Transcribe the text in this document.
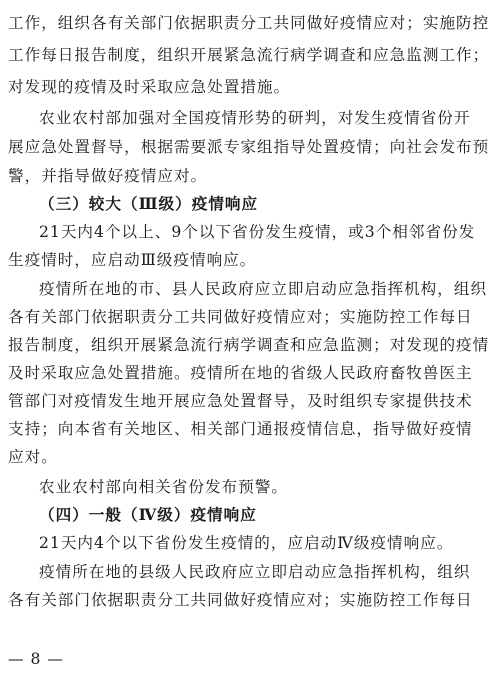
工作，组织各有关部门依据职责分工共同做好疫情应对；实施防控
工作每日报告制度，组织开展紧急流行病学调查和应急监测工作；
对发现的疫情及时采取应急处置措施。
农业农村部加强对全国疫情形势的研判，对发生疫情省份开
展应急处置督导，根据需要派专家组指导处置疫情；向社会发布预
警，并指导做好疫情应对。
（三）较大（Ⅲ级）疫情响应
21天内4个以上、9个以下省份发生疫情，或3个相邻省份发
生疫情时，应启动Ⅲ级疫情响应。
疫情所在地的市、县人民政府应立即启动应急指挥机构，组织
各有关部门依据职责分工共同做好疫情应对；实施防控工作每日
报告制度，组织开展紧急流行病学调查和应急监测；对发现的疫情
及时采取应急处置措施。疫情所在地的省级人民政府畜牧兽医主
管部门对疫情发生地开展应急处置督导，及时组织专家提供技术
支持；向本省有关地区、相关部门通报疫情信息，指导做好疫情
应对。
农业农村部向相关省份发布预警。
（四）一般（Ⅳ级）疫情响应
21天内4个以下省份发生疫情的，应启动Ⅳ级疫情响应。
疫情所在地的县级人民政府应立即启动应急指挥机构，组织
各有关部门依据职责分工共同做好疫情应对；实施防控工作每日
— 8 —
